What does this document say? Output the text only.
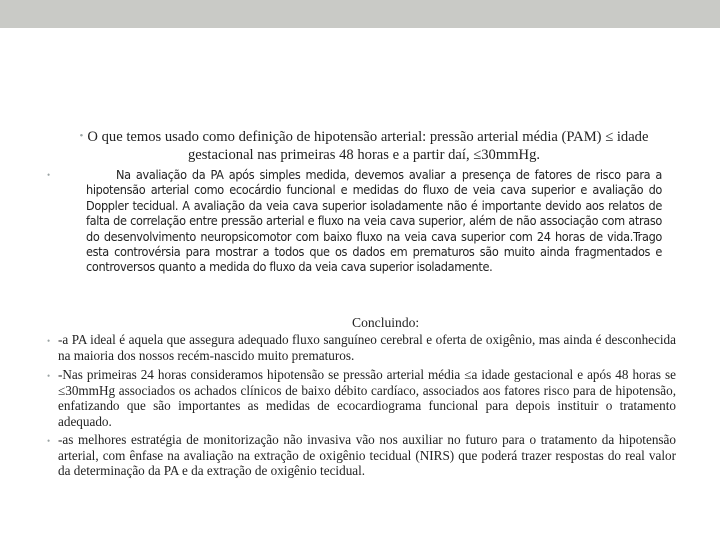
• O que temos usado como definição de hipotensão arterial: pressão arterial média (PAM) ≤ idade gestacional nas primeiras 48 horas e a partir daí, ≤30mmHg.

•	Na avaliação da PA após simples medida, devemos avaliar a presença de fatores de risco para a hipotensão arterial como ecocárdio funcional e medidas do fluxo de veia cava superior e avaliação do Doppler tecidual. A avaliação da veia cava superior isoladamente não é importante devido aos relatos de falta de correlação entre pressão arterial e fluxo na veia cava superior, além de não associação com atraso do desenvolvimento neuropsicomotor com baixo fluxo na veia cava superior com 24 horas de vida.Trago esta controvérsia para mostrar a todos que os dados em prematuros são muito ainda fragmentados e controversos quanto a medida do fluxo da veia cava superior isoladamente.

Concluindo:

• -a PA ideal é aquela que assegura adequado fluxo sanguíneo cerebral e oferta de oxigênio, mas ainda é desconhecida na maioria dos nossos recém-nascido muito prematuros.

• -Nas primeiras 24 horas consideramos hipotensão se pressão arterial média ≤a idade gestacional e após 48 horas se ≤30mmHg associados os achados clínicos de baixo débito cardíaco, associados aos fatores risco para de hipotensão, enfatizando que são importantes as medidas de ecocardiograma funcional para depois instituir o tratamento adequado.

• -as melhores estratégia de monitorização não invasiva vão nos auxiliar no futuro para o tratamento da hipotensão arterial, com ênfase na avaliação na extração de oxigênio tecidual (NIRS) que poderá trazer respostas do real valor da determinação da PA e da extração de oxigênio tecidual.
